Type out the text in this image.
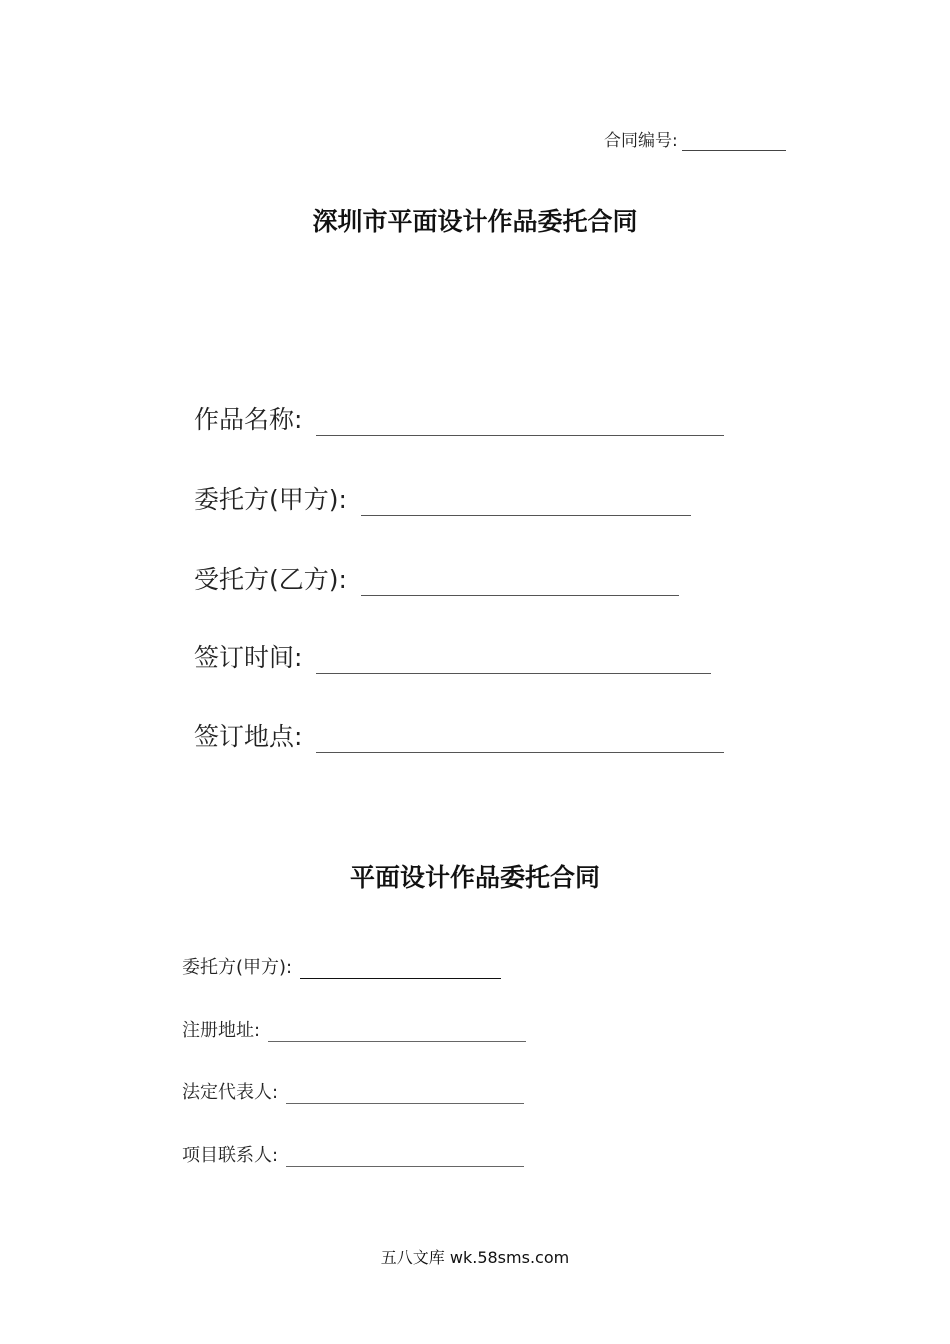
合同编号:
深圳市平面设计作品委托合同
作品名称:
委托方(甲方):
受托方(乙方):
签订时间:
签订地点:
平面设计作品委托合同
委托方(甲方):
注册地址:
法定代表人:
项目联系人:
五八文库 wk.58sms.com
